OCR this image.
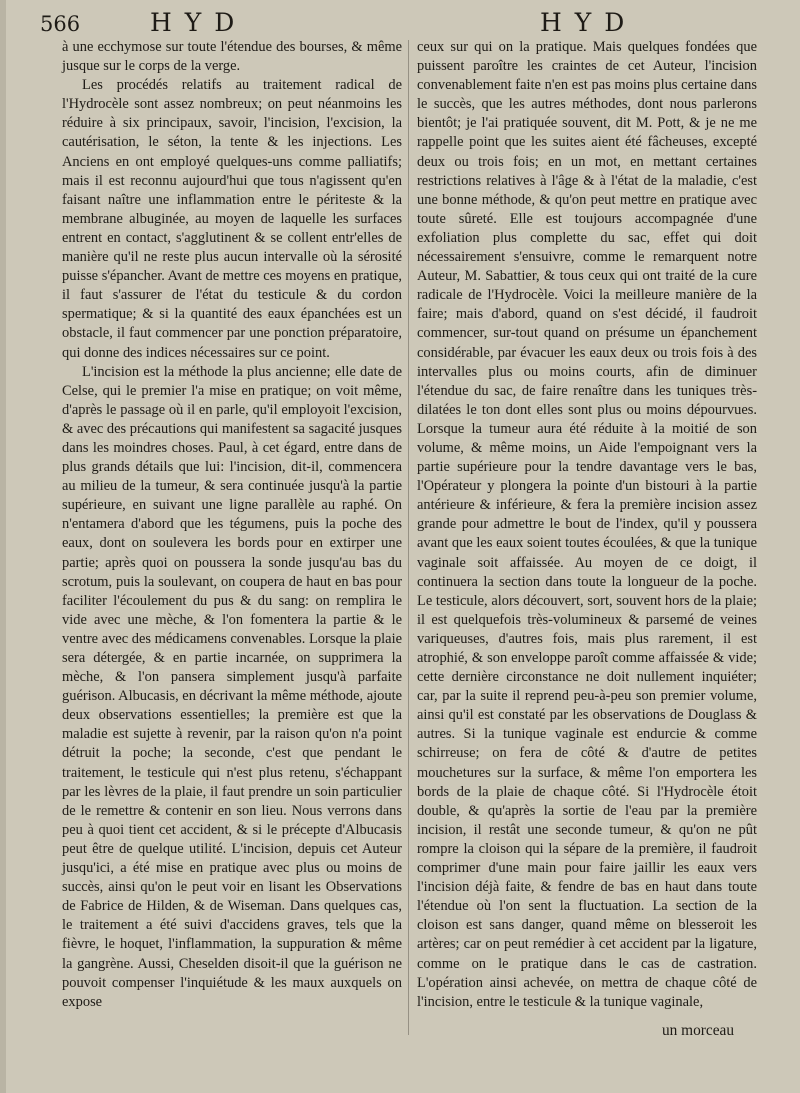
566	HYD	HYD

à une ecchymose sur toute l'étendue des bourses, & même jusque sur le corps de la verge.

Les procédés relatifs au traitement radical de l'Hydrocèle sont assez nombreux; on peut néanmoins les réduire à six principaux, savoir, l'incision, l'excision, la cautérisation, le séton, la tente & les injections. Les Anciens en ont employé quelques-uns comme palliatifs; mais il est reconnu aujourd'hui que tous n'agissent qu'en faisant naître une inflammation entre le périteste & la membrane albuginée, au moyen de laquelle les surfaces entrent en contact, s'agglutinent & se collent entr'elles de manière qu'il ne reste plus aucun intervalle où la sérosité puisse s'épancher. Avant de mettre ces moyens en pratique, il faut s'assurer de l'état du testicule & du cordon spermatique; & si la quantité des eaux épanchées est un obstacle, il faut commencer par une ponction préparatoire, qui donne des indices nécessaires sur ce point.

L'incision est la méthode la plus ancienne; elle date de Celse, qui le premier l'a mise en pratique; on voit même, d'après le passage où il en parle, qu'il employoit l'excision, & avec des précautions qui manifestent sa sagacité jusques dans les moindres choses. Paul, à cet égard, entre dans de plus grands détails que lui: l'incision, dit-il, commencera au milieu de la tumeur, & sera continuée jusqu'à la partie supérieure, en suivant une ligne parallèle au raphé. On n'entamera d'abord que les tégumens, puis la poche des eaux, dont on soulevera les bords pour en extirper une partie; après quoi on poussera la sonde jusqu'au bas du scrotum, puis la soulevant, on coupera de haut en bas pour faciliter l'écoulement du pus & du sang: on remplira le vide avec une mèche, & l'on fomentera la partie & le ventre avec des médicamens convenables. Lorsque la plaie sera détergée, & en partie incarnée, on supprimera la mèche, & l'on pansera simplement jusqu'à parfaite guérison. Albucasis, en décrivant la même méthode, ajoute deux observations essentielles; la première est que la maladie est sujette à revenir, par la raison qu'on n'a point détruit la poche; la seconde, c'est que pendant le traitement, le testicule qui n'est plus retenu, s'échappant par les lèvres de la plaie, il faut prendre un soin particulier de le remettre & contenir en son lieu. Nous verrons dans peu à quoi tient cet accident, & si le précepte d'Albucasis peut être de quelque utilité. L'incision, depuis cet Auteur jusqu'ici, a été mise en pratique avec plus ou moins de succès, ainsi qu'on le peut voir en lisant les Observations de Fabrice de Hilden, & de Wiseman. Dans quelques cas, le traitement a été suivi d'accidens graves, tels que la fièvre, le hoquet, l'inflammation, la suppuration & même la gangrène. Aussi, Cheselden disoit-il que la guérison ne pouvoit compenser l'inquiétude & les maux auxquels on expose

ceux sur qui on la pratique. Mais quelques fondées que puissent paroître les craintes de cet Auteur, l'incision convenablement faite n'en est pas moins plus certaine dans le succès, que les autres méthodes, dont nous parlerons bientôt; je l'ai pratiquée souvent, dit M. Pott, & je ne me rappelle point que les suites aient été fâcheuses, excepté deux ou trois fois; en un mot, en mettant certaines restrictions relatives à l'âge & à l'état de la maladie, c'est une bonne méthode, & qu'on peut mettre en pratique avec toute sûreté. Elle est toujours accompagnée d'une exfoliation plus complette du sac, effet qui doit nécessairement s'ensuivre, comme le remarquent notre Auteur, M. Sabattier, & tous ceux qui ont traité de la cure radicale de l'Hydrocèle. Voici la meilleure manière de la faire; mais d'abord, quand on s'est décidé, il faudroit commencer, sur-tout quand on présume un épanchement considérable, par évacuer les eaux deux ou trois fois à des intervalles plus ou moins courts, afin de diminuer l'étendue du sac, de faire renaître dans les tuniques très-dilatées le ton dont elles sont plus ou moins dépourvues. Lorsque la tumeur aura été réduite à la moitié de son volume, & même moins, un Aide l'empoignant vers la partie supérieure pour la tendre davantage vers le bas, l'Opérateur y plongera la pointe d'un bistouri à la partie antérieure & inférieure, & fera la première incision assez grande pour admettre le bout de l'index, qu'il y poussera avant que les eaux soient toutes écoulées, & que la tunique vaginale soit affaissée. Au moyen de ce doigt, il continuera la section dans toute la longueur de la poche. Le testicule, alors découvert, sort, souvent hors de la plaie; il est quelquefois très-volumineux & parsemé de veines variqueuses, d'autres fois, mais plus rarement, il est atrophié, & son enveloppe paroît comme affaissée & vide; cette dernière circonstance ne doit nullement inquiéter; car, par la suite il reprend peu-à-peu son premier volume, ainsi qu'il est constaté par les observations de Douglass & autres. Si la tunique vaginale est endurcie & comme schirreuse; on fera de côté & d'autre de petites mouchetures sur la surface, & même l'on emportera les bords de la plaie de chaque côté. Si l'Hydrocèle étoit double, & qu'après la sortie de l'eau par la première incision, il restât une seconde tumeur, & qu'on ne pût rompre la cloison qui la sépare de la première, il faudroit comprimer d'une main pour faire jaillir les eaux vers l'incision déjà faite, & fendre de bas en haut dans toute l'étendue où l'on sent la fluctuation. La section de la cloison est sans danger, quand même on blesseroit les artères; car on peut remédier à cet accident par la ligature, comme on le pratique dans le cas de castration. L'opération ainsi achevée, on mettra de chaque côté de l'incision, entre le testicule & la tunique vaginale,

un morceau
